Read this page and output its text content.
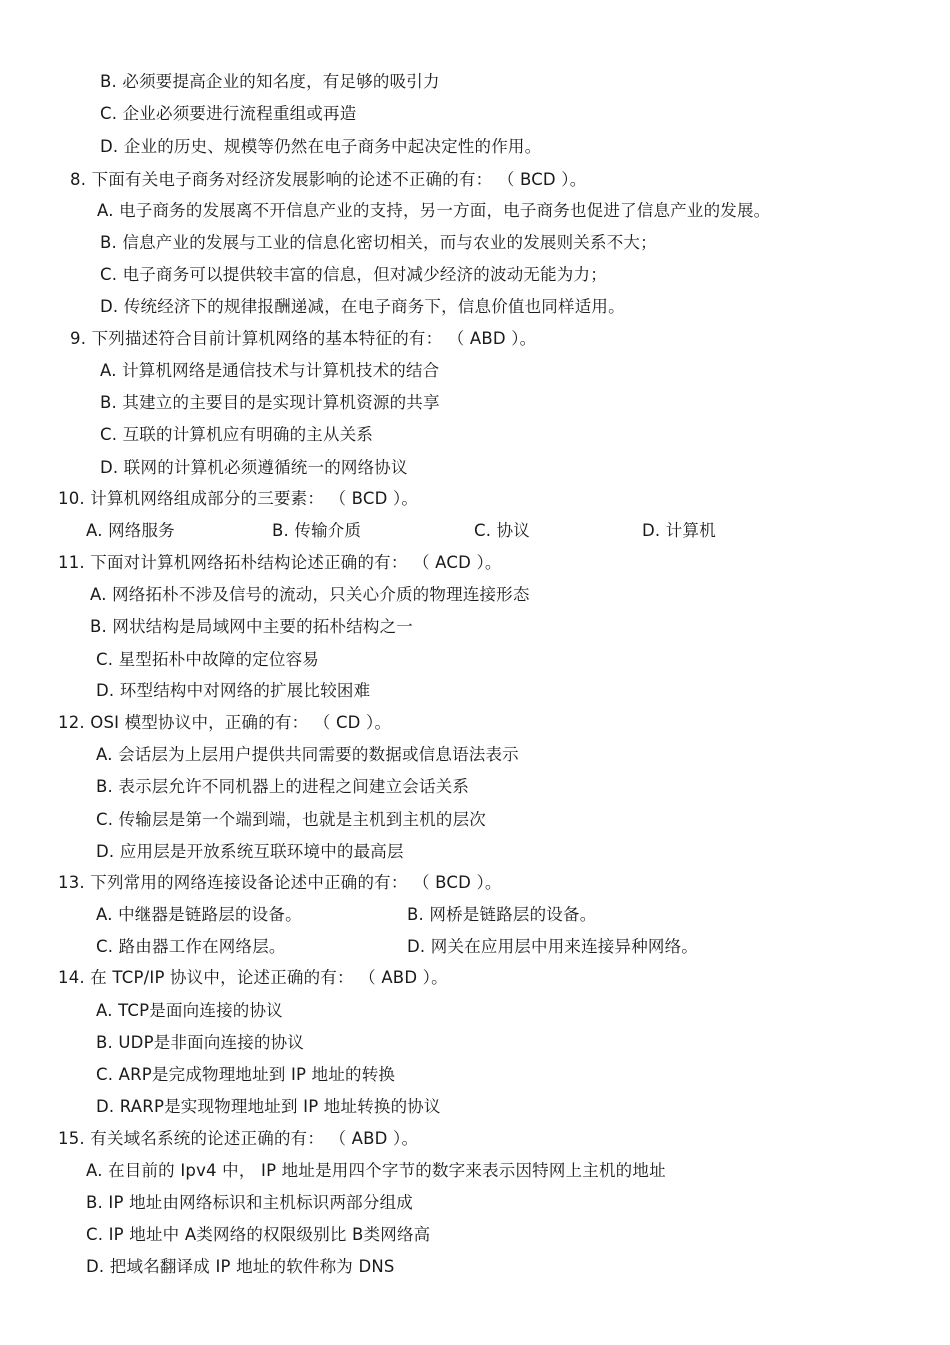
B. 必须要提高企业的知名度，有足够的吸引力
C. 企业必须要进行流程重组或再造
D. 企业的历史、规模等仍然在电子商务中起决定性的作用。
8. 下面有关电子商务对经济发展影响的论述不正确的有： （ BCD ）。
A. 电子商务的发展离不开信息产业的支持，另一方面，电子商务也促进了信息产业的发展。
B. 信息产业的发展与工业的信息化密切相关，而与农业的发展则关系不大；
C. 电子商务可以提供较丰富的信息，但对减少经济的波动无能为力；
D. 传统经济下的规律报酬递减，在电子商务下，信息价值也同样适用。
9. 下列描述符合目前计算机网络的基本特征的有： （ ABD ）。
A. 计算机网络是通信技术与计算机技术的结合
B. 其建立的主要目的是实现计算机资源的共享
C. 互联的计算机应有明确的主从关系
D. 联网的计算机必须遵循统一的网络协议
10. 计算机网络组成部分的三要素： （ BCD ）。
A. 网络服务	B. 传输介质	C. 协议	D. 计算机
11. 下面对计算机网络拓朴结构论述正确的有： （ ACD ）。
A. 网络拓朴不涉及信号的流动，只关心介质的物理连接形态
B. 网状结构是局域网中主要的拓朴结构之一
C. 星型拓朴中故障的定位容易
D. 环型结构中对网络的扩展比较困难
12. OSI 模型协议中，正确的有： （ CD ）。
A. 会话层为上层用户提供共同需要的数据或信息语法表示
B. 表示层允许不同机器上的进程之间建立会话关系
C. 传输层是第一个端到端，也就是主机到主机的层次
D. 应用层是开放系统互联环境中的最高层
13. 下列常用的网络连接设备论述中正确的有： （ BCD ）。
A. 中继器是链路层的设备。	B. 网桥是链路层的设备。
C. 路由器工作在网络层。	D. 网关在应用层中用来连接异种网络。
14. 在 TCP/IP 协议中，论述正确的有： （ ABD ）。
A. TCP是面向连接的协议
B. UDP是非面向连接的协议
C. ARP是完成物理地址到 IP 地址的转换
D. RARP是实现物理地址到 IP 地址转换的协议
15. 有关域名系统的论述正确的有： （ ABD ）。
A. 在目前的 Ipv4 中， IP 地址是用四个字节的数字来表示因特网上主机的地址
B. IP 地址由网络标识和主机标识两部分组成
C. IP 地址中 A类网络的权限级别比 B类网络高
D. 把域名翻译成 IP 地址的软件称为 DNS
